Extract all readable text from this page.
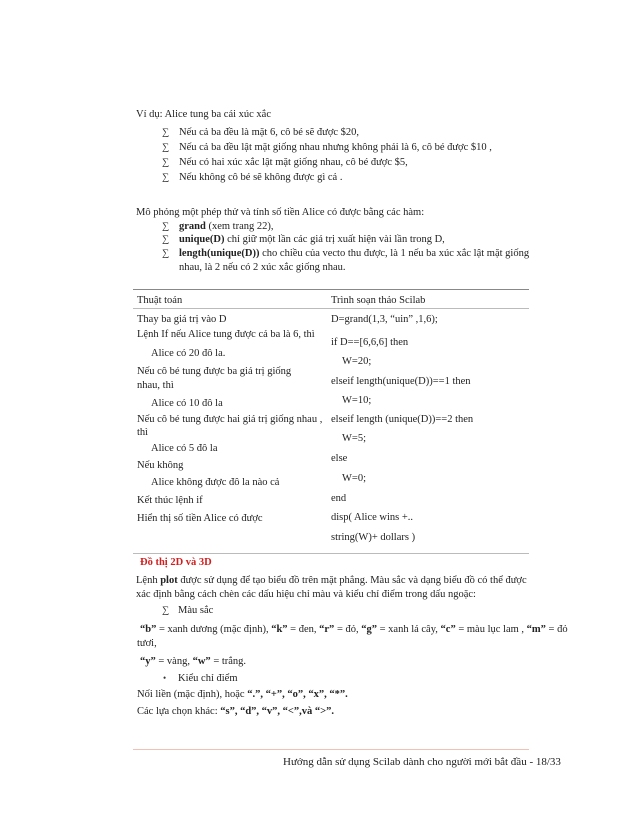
Ví dụ: Alice tung ba cái xúc xắc
∑ Nếu cả ba đều là mặt 6, cô bé sẽ được $20,
∑ Nếu cả ba đều lật mặt giống nhau nhưng không phải là 6, cô bé được $10 ,
∑ Nếu có hai xúc xắc lật mặt giống nhau, cô bé được $5,
∑ Nếu không cô bé sẽ không được gì cả .
Mô phỏng một phép thử và tính số tiền Alice có được bằng các hàm:
∑ grand (xem trang 22),
∑ unique(D) chỉ giữ một lần các giá trị xuất hiện vài lần trong D,
∑ length(unique(D)) cho chiều của vecto thu được, là 1 nếu ba xúc xắc lật mặt giống
nhau, là 2 nếu có 2 xúc xắc giống nhau.
Thuật toán	Trình soạn thảo Scilab
Thay ba giá trị vào D
Lệnh If nếu Alice tung được cả ba là 6, thì
Alice có 20 đô la.
Nếu cô bé tung được ba giá trị giống
nhau, thì
Alice có 10 đô la
Nếu cô bé tung được hai giá trị giống nhau ,
thì
Alice có 5 đô la
Nếu không
Alice không được đô la nào cả
Kết thúc lệnh if
Hiển thị số tiền Alice có được
D=grand(1,3, “uin” ,1,6);
if D==[6,6,6] then
W=20;
elseif length(unique(D))==1 then
W=10;
elseif length (unique(D))==2 then
W=5;
else
W=0;
end
disp( Alice wins +..
string(W)+ dollars )
Đồ thị 2D và 3D
Lệnh plot được sử dụng để tạo biểu đồ trên mặt phẳng. Màu sắc và dạng biểu đồ có thể được
xác định bằng cách chèn các dấu hiệu chỉ màu và kiểu chỉ điểm trong dấu ngoặc:
∑ Màu sắc
“b” = xanh dương (mặc định), “k” = đen, “r” = đỏ, “g” = xanh lá cây, “c” = màu lục lam , “m” = đỏ
tươi,
“y” = vàng, “w” = trắng.
• Kiểu chỉ điểm
Nối liền (mặc định), hoặc “.”, “+”, “o”, “x”, “*”.
Các lựa chọn khác: “s”, “d”, “v”, “<”,và “>”.
Hướng dẫn sử dụng Scilab dành cho người mới bắt đầu - 18/33
